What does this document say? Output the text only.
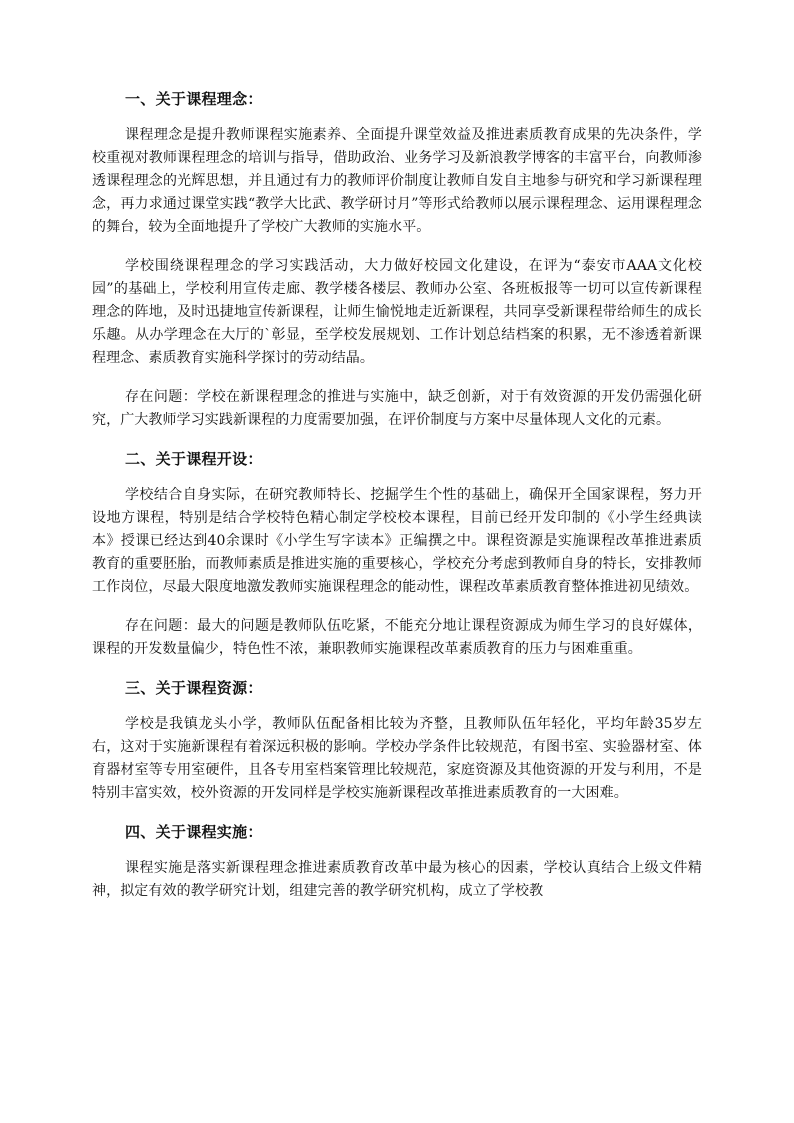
一、关于课程理念：

课程理念是提升教师课程实施素养、全面提升课堂效益及推进素质教育成果的先决条件，学校重视对教师课程理念的培训与指导，借助政治、业务学习及新浪教学博客的丰富平台，向教师渗透课程理念的光辉思想，并且通过有力的教师评价制度让教师自发自主地参与研究和学习新课程理念，再力求通过课堂实践“教学大比武、教学研讨月”等形式给教师以展示课程理念、运用课程理念的舞台，较为全面地提升了学校广大教师的实施水平。

学校围绕课程理念的学习实践活动，大力做好校园文化建设，在评为“泰安市AAA文化校园”的基础上，学校利用宣传走廊、教学楼各楼层、教师办公室、各班板报等一切可以宣传新课程理念的阵地，及时迅捷地宣传新课程，让师生愉悦地走近新课程，共同享受新课程带给师生的成长乐趣。从办学理念在大厅的`彰显，至学校发展规划、工作计划总结档案的积累，无不渗透着新课程理念、素质教育实施科学探讨的劳动结晶。

存在问题：学校在新课程理念的推进与实施中，缺乏创新，对于有效资源的开发仍需强化研究，广大教师学习实践新课程的力度需要加强，在评价制度与方案中尽量体现人文化的元素。

二、关于课程开设：

学校结合自身实际，在研究教师特长、挖掘学生个性的基础上，确保开全国家课程，努力开设地方课程，特别是结合学校特色精心制定学校校本课程，目前已经开发印制的《小学生经典读本》授课已经达到40余课时《小学生写字读本》正编撰之中。课程资源是实施课程改革推进素质教育的重要胚胎，而教师素质是推进实施的重要核心，学校充分考虑到教师自身的特长，安排教师工作岗位，尽最大限度地激发教师实施课程理念的能动性，课程改革素质教育整体推进初见绩效。

存在问题：最大的问题是教师队伍吃紧，不能充分地让课程资源成为师生学习的良好媒体，课程的开发数量偏少，特色性不浓，兼职教师实施课程改革素质教育的压力与困难重重。

三、关于课程资源：

学校是我镇龙头小学，教师队伍配备相比较为齐整，且教师队伍年轻化，平均年龄35岁左右，这对于实施新课程有着深远积极的影响。学校办学条件比较规范，有图书室、实验器材室、体育器材室等专用室硬件，且各专用室档案管理比较规范，家庭资源及其他资源的开发与利用，不是特别丰富实效，校外资源的开发同样是学校实施新课程改革推进素质教育的一大困难。

四、关于课程实施：

课程实施是落实新课程理念推进素质教育改革中最为核心的因素，学校认真结合上级文件精神，拟定有效的教学研究计划，组建完善的教学研究机构，成立了学校教
